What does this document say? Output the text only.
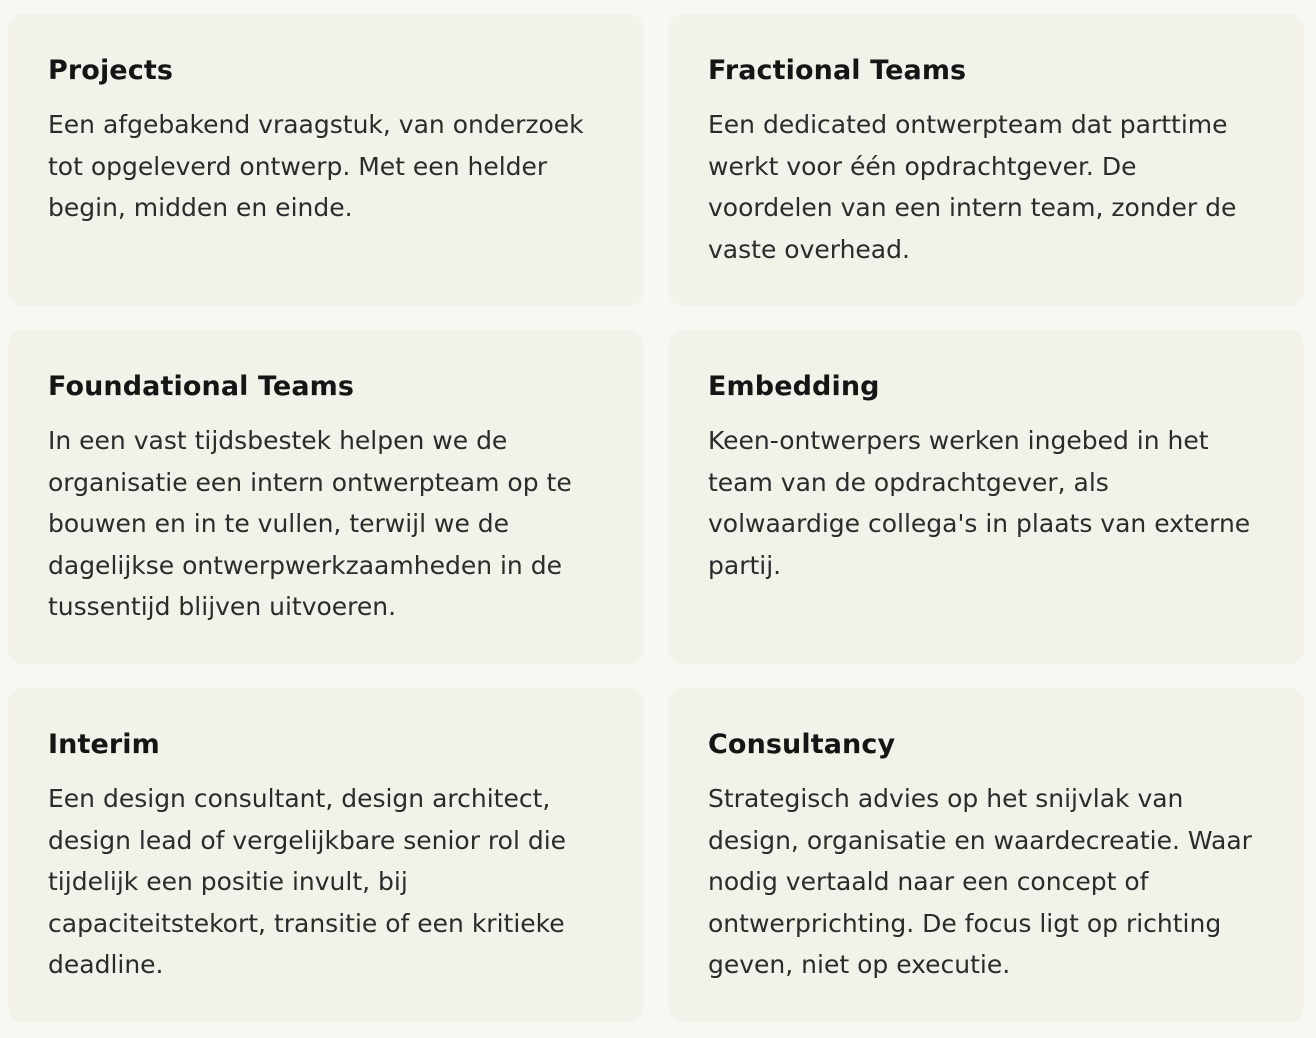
Projects

Een afgebakend vraagstuk, van onderzoek tot opgeleverd ontwerp. Met een helder begin, midden en einde.

Fractional Teams

Een dedicated ontwerpteam dat parttime werkt voor één opdrachtgever. De voordelen van een intern team, zonder de vaste overhead.

Foundational Teams

In een vast tijdsbestek helpen we de organisatie een intern ontwerpteam op te bouwen en in te vullen, terwijl we de dagelijkse ontwerpwerkzaamheden in de tussentijd blijven uitvoeren.

Embedding

Keen-ontwerpers werken ingebed in het team van de opdrachtgever, als volwaardige collega's in plaats van externe partij.

Interim

Een design consultant, design architect, design lead of vergelijkbare senior rol die tijdelijk een positie invult, bij capaciteitstekort, transitie of een kritieke deadline.

Consultancy

Strategisch advies op het snijvlak van design, organisatie en waardecreatie. Waar nodig vertaald naar een concept of ontwerprichting. De focus ligt op richting geven, niet op executie.
